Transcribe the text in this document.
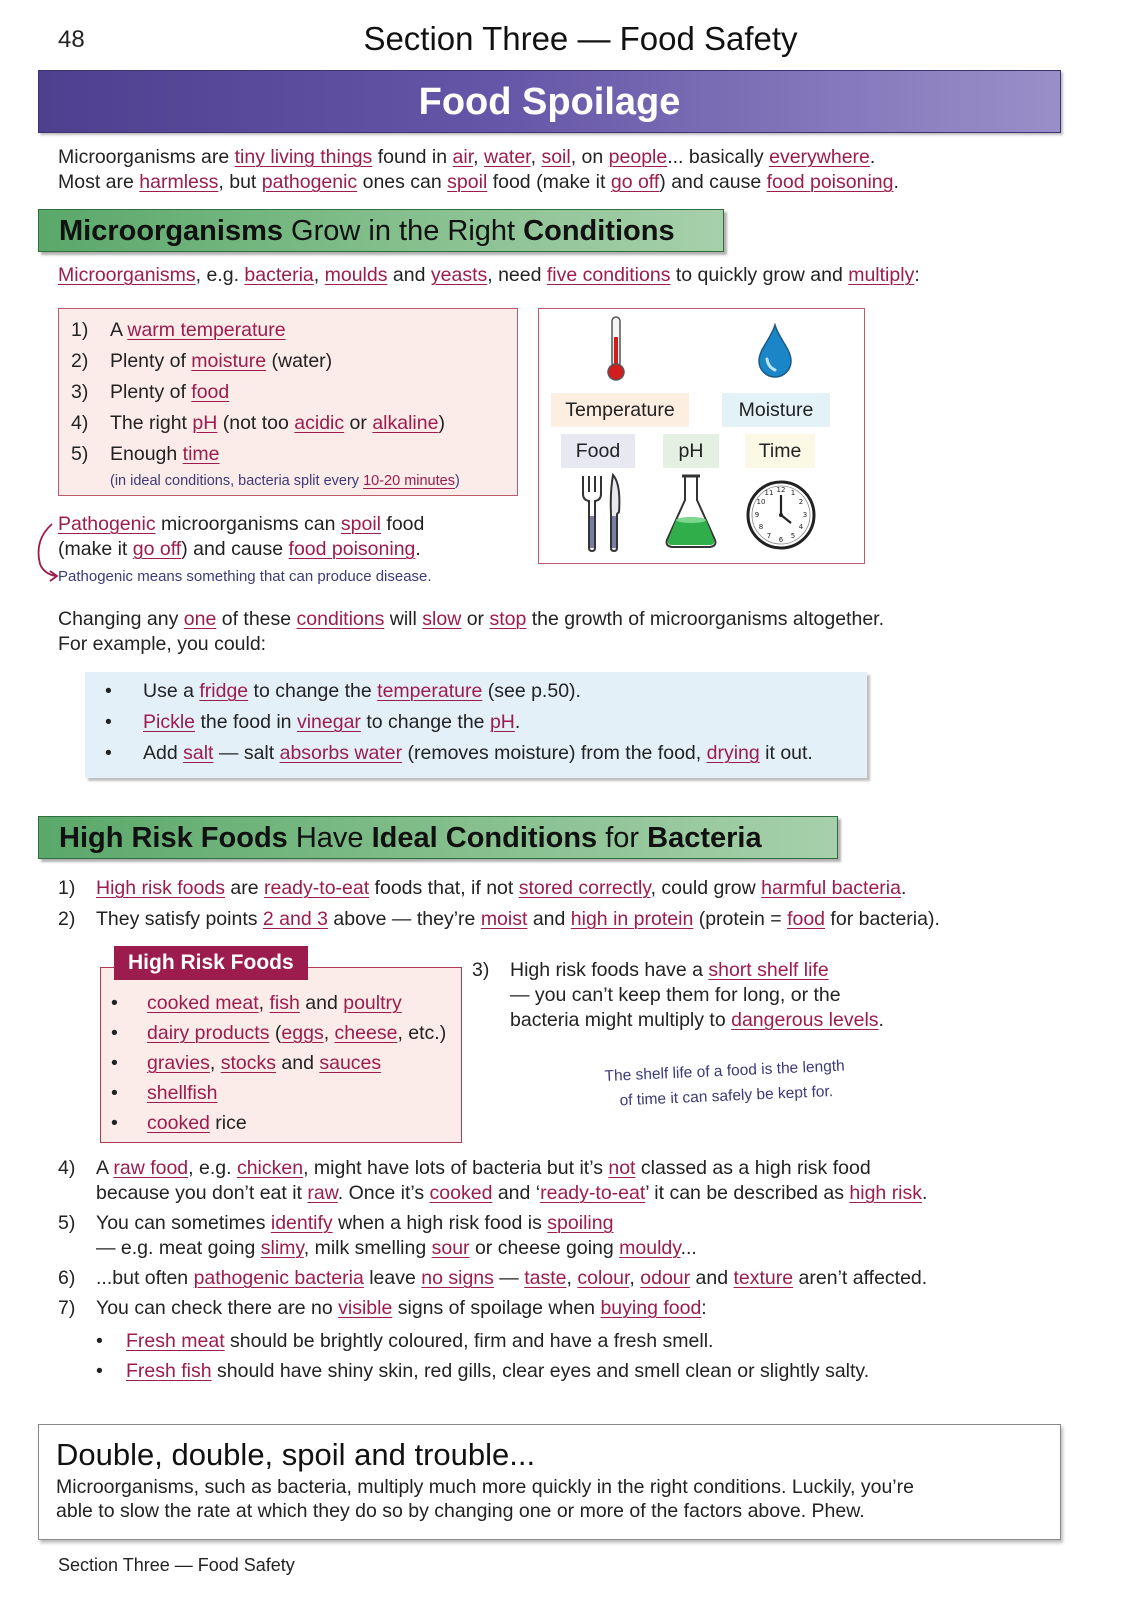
48	Section Three — Food Safety
Food Spoilage
Microorganisms are tiny living things found in air, water, soil, on people... basically everywhere.
Most are harmless, but pathogenic ones can spoil food (make it go off) and cause food poisoning.
Microorganisms Grow in the Right Conditions
Microorganisms, e.g. bacteria, moulds and yeasts, need five conditions to quickly grow and multiply:
1)	A warm temperature
2)	Plenty of moisture (water)
3)	Plenty of food
4)	The right pH (not too acidic or alkaline)
5)	Enough time
(in ideal conditions, bacteria split every 10-20 minutes)
Temperature	Moisture
Food	pH	Time
12 1
2
3
4
5
6
7
8
9
10
11
Pathogenic microorganisms can spoil food
(make it go off) and cause food poisoning.
Pathogenic means something that can produce disease.
Changing any one of these conditions will slow or stop the growth of microorganisms altogether.
For example, you could:
•	Use a fridge to change the temperature (see p.50).
•	Pickle the food in vinegar to change the pH.
•	Add salt — salt absorbs water (removes moisture) from the food, drying it out.
High Risk Foods Have Ideal Conditions for Bacteria
1)	High risk foods are ready-to-eat foods that, if not stored correctly, could grow harmful bacteria.
2)	They satisfy points 2 and 3 above — they’re moist and high in protein (protein = food for bacteria).
•	cooked meat, fish and poultry
•	dairy products (eggs, cheese, etc.)
•	gravies, stocks and sauces
•	shellfish
•	cooked rice
High Risk Foods	3)	High risk foods have a short shelf life
— you can’t keep them for long, or the
bacteria might multiply to dangerous levels.
The shelf life of a food is the length
of time it can safely be kept for.
4)	A raw food, e.g. chicken, might have lots of bacteria but it’s not classed as a high risk food
because you don’t eat it raw. Once it’s cooked and ‘ready-to-eat’ it can be described as high risk.
5)	You can sometimes identify when a high risk food is spoiling
— e.g. meat going slimy, milk smelling sour or cheese going mouldy...
6)	...but often pathogenic bacteria leave no signs — taste, colour, odour and texture aren’t affected.
7)	You can check there are no visible signs of spoilage when buying food:
•	Fresh meat should be brightly coloured, firm and have a fresh smell.
•	Fresh fish should have shiny skin, red gills, clear eyes and smell clean or slightly salty.
Double, double, spoil and trouble...

Microorganisms, such as bacteria, multiply much more quickly in the right conditions. Luckily, you’re

able to slow the rate at which they do so by changing one or more of the factors above. Phew.

Section Three — Food Safety
